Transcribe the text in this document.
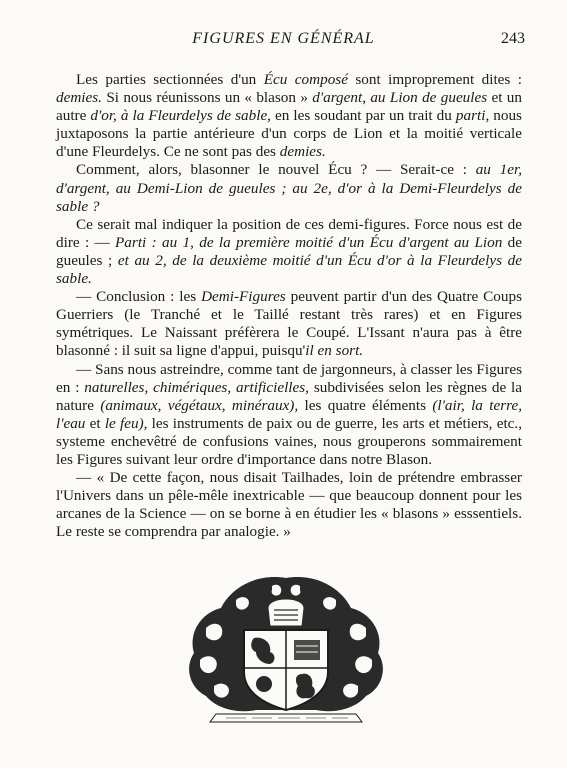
FIGURES EN GÉNÉRAL	243

Les parties sectionnées d'un Écu composé sont improprement dites : demies. Si nous réunissons un « blason » d'argent, au Lion de gueules et un autre d'or, à la Fleurdelys de sable, en les soudant par un trait du parti, nous juxtaposons la partie antérieure d'un corps de Lion et la moitié verticale d'une Fleurdelys. Ce ne sont pas des demies.

Comment, alors, blasonner le nouvel Écu ? — Serait-ce : au 1er, d'argent, au Demi-Lion de gueules ; au 2e, d'or à la Demi-Fleurdelys de sable ?

Ce serait mal indiquer la position de ces demi-figures. Force nous est de dire : — Parti : au 1, de la première moitié d'un Écu d'argent au Lion de gueules ; et au 2, de la deuxième moitié d'un Écu d'or à la Fleurdelys de sable.

— Conclusion : les Demi-Figures peuvent partir d'un des Quatre Coups Guerriers (le Tranché et le Taillé restant très rares) et en Figures symétriques. Le Naissant préfèrera le Coupé. L'Issant n'aura pas à être blasonné : il suit sa ligne d'appui, puisqu'il en sort.

— Sans nous astreindre, comme tant de jargonneurs, à classer les Figures en : naturelles, chimériques, artificielles, subdivisées selon les règnes de la nature (animaux, végétaux, minéraux), les quatre éléments (l'air, la terre, l'eau et le feu), les instruments de paix ou de guerre, les arts et métiers, etc., systeme enchevêtré de confusions vaines, nous grouperons sommairement les Figures suivant leur ordre d'importance dans notre Blason.

— « De cette façon, nous disait Tailhades, loin de prétendre embrasser l'Univers dans un pêle-mêle inextricable — que beaucoup donnent pour les arcanes de la Science — on se borne à en étudier les « blasons » esssentiels. Le reste se comprendra par analogie. »
